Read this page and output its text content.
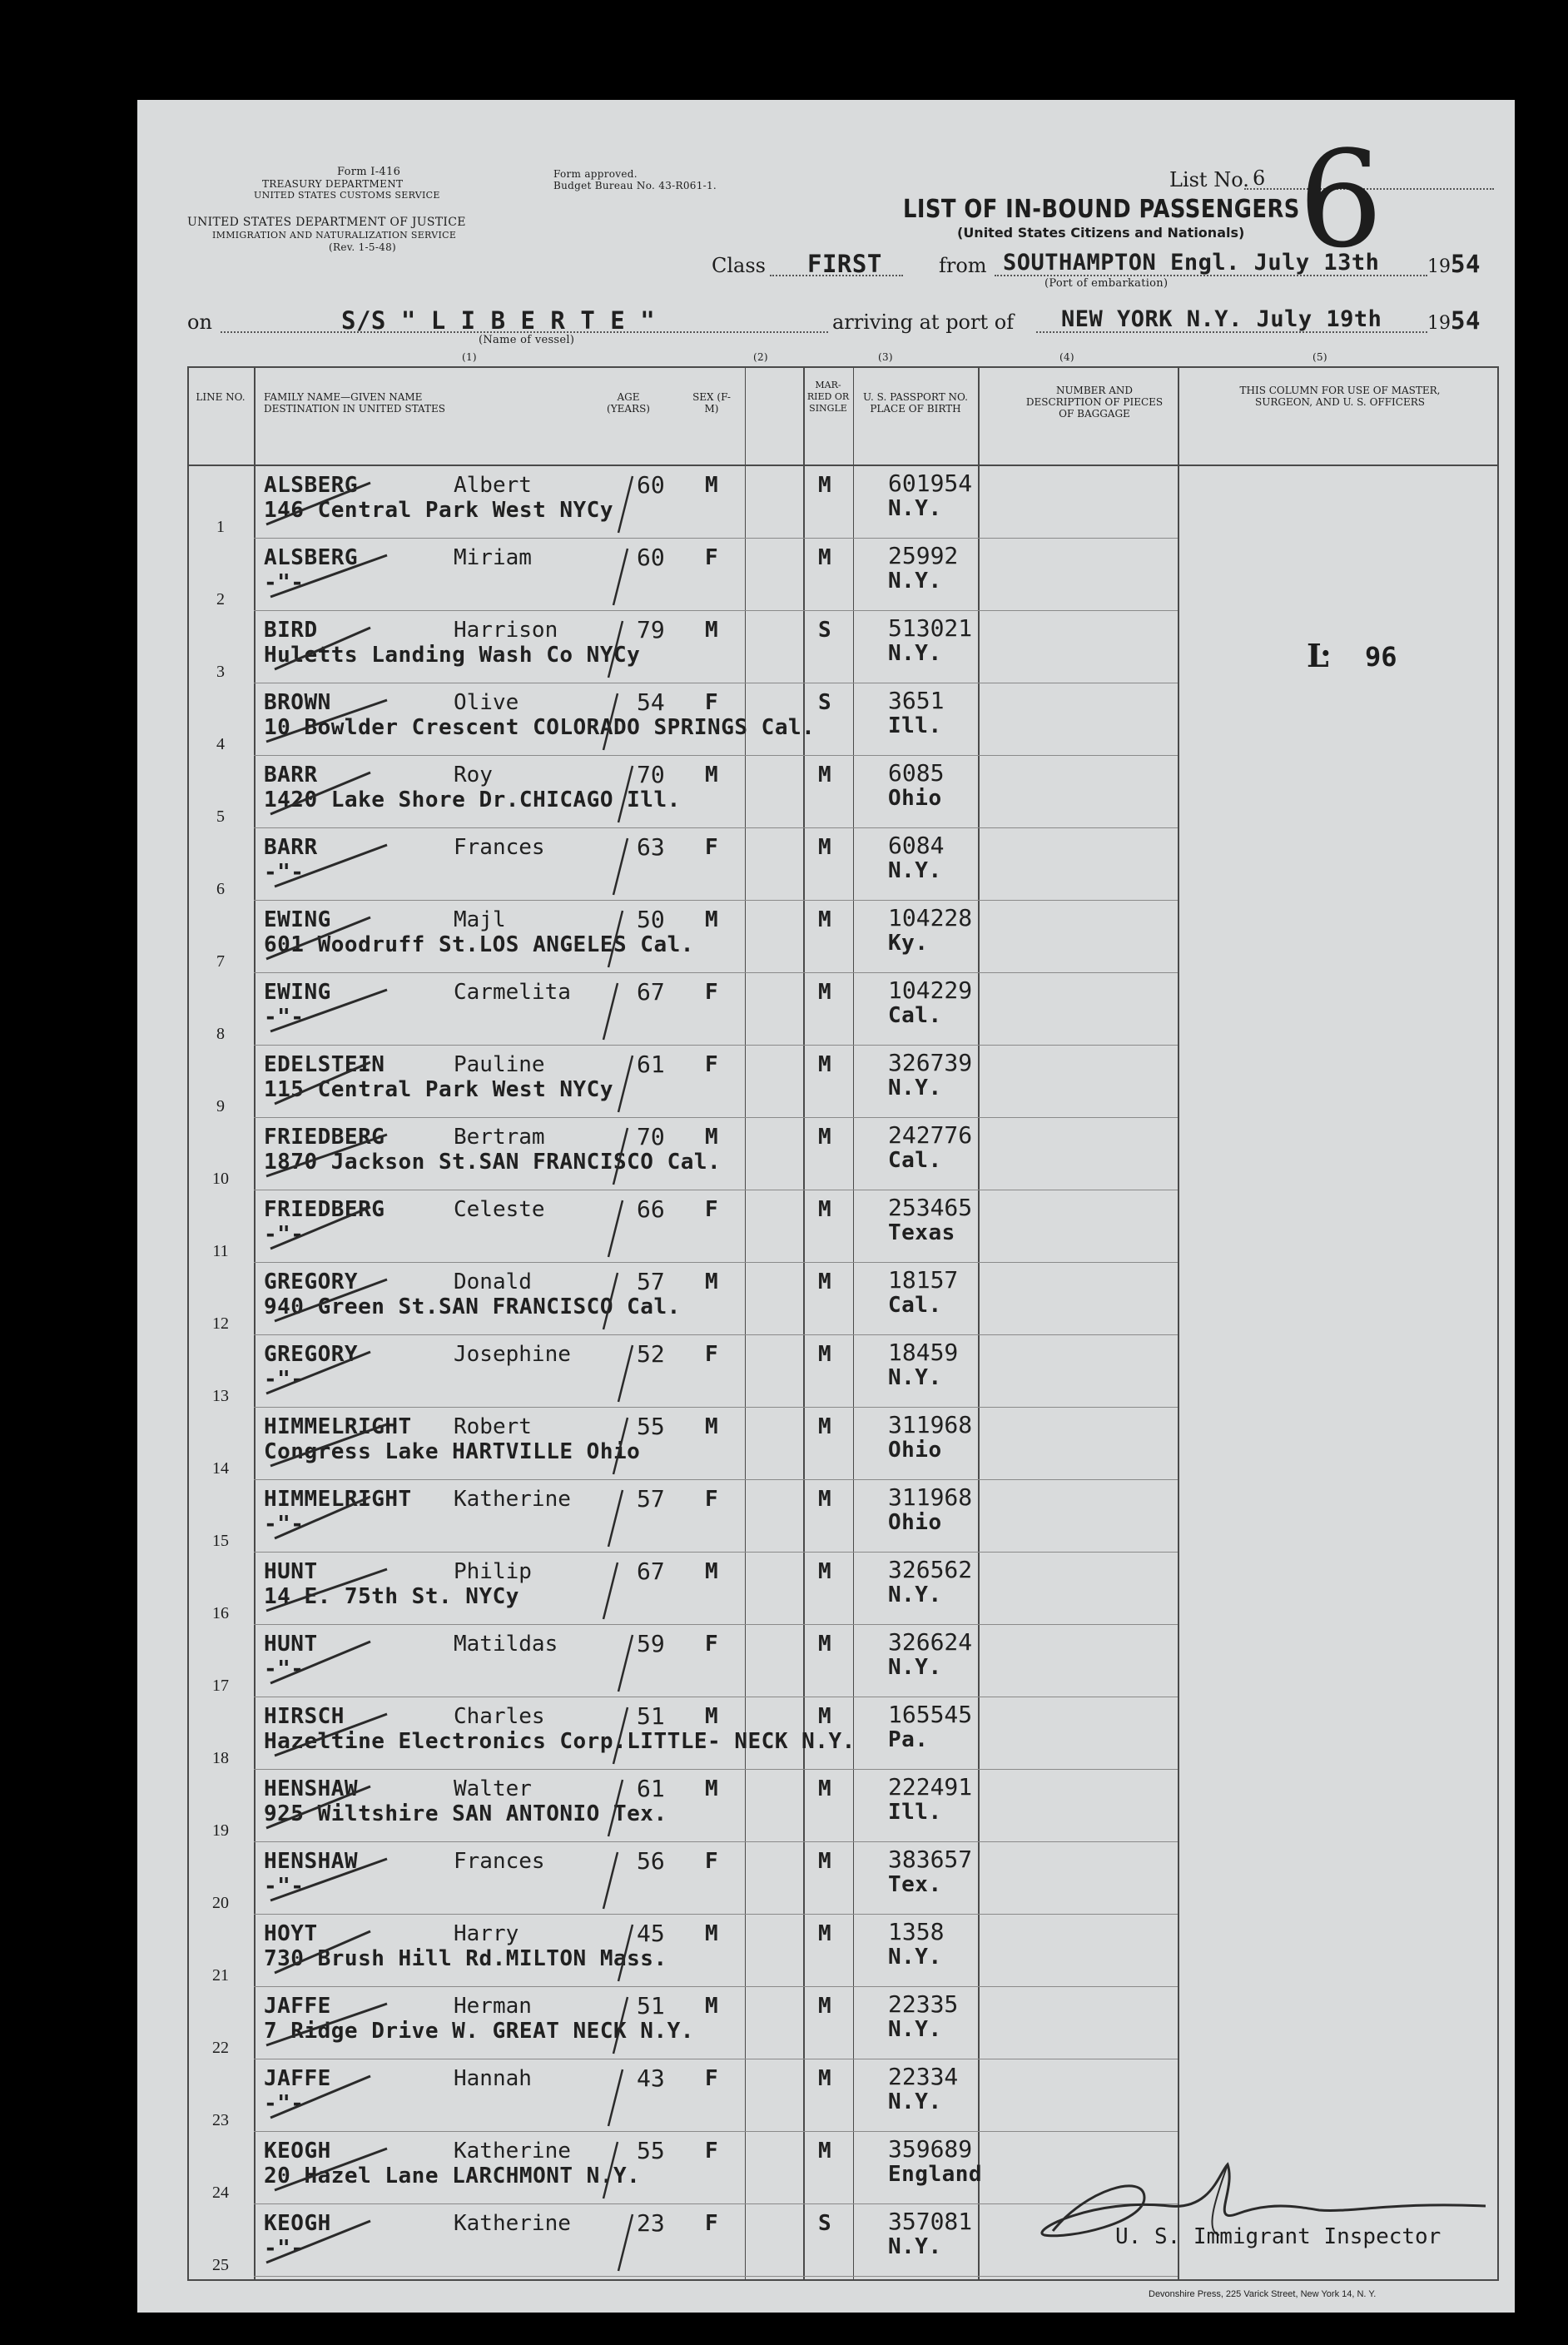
Form I-416
TREASURY DEPARTMENT
UNITED STATES CUSTOMS SERVICE
UNITED STATES DEPARTMENT OF JUSTICE
IMMIGRATION AND NATURALIZATION SERVICE
(Rev. 1-5-48)
Form approved.
Budget Bureau No. 43-R061-1.	List No. 6 6
LIST OF IN-BOUND PASSENGERS
(United States Citizens and Nationals)
Class FIRST	from SOUTHAMPTON Engl. July 13th	19 54
(Port of embarkation)
on	S/S " L I B E R T E "
(Name of vessel)
arriving at port of NEW YORK N.Y. July 19th 19 54
(1)	(2)	(3)	(4)	(5)
LINE NO. FAMILY NAME—GIVEN NAME
DESTINATION IN UNITED STATES
AGE (YEARS)
SEX (F-M)
MAR-RIED OR SINGLE
U. S. PASSPORT NO. PLACE OF BIRTH
NUMBER AND DESCRIPTION OF PIECES OF BAGGAGE
THIS COLUMN FOR USE OF MASTER, SURGEON, AND U. S. OFFICERS
1
ALSBERG	Albert	60 M	M 601954
N.Y.
146 Central Park West NYCy
2
ALSBERG	Miriam	60 F	M 25992
N.Y.
-"-
3
BIRD	Harrison	79 M	S 513021
N.Y.
Huletts Landing Wash Co NYCy
4
BROWN	Olive	54 F	S 3651
Ill.
10 Bowlder Crescent COLORADO SPRINGS Cal.
5
BARR	Roy	70 M	M 6085
Ohio
1420 Lake Shore Dr.CHICAGO Ill.
6
BARR	Frances	63 F	M 6084
N.Y.
-"-
7
EWING	Majl	50 M	M 104228
Ky.
601 Woodruff St.LOS ANGELES Cal.
8
EWING	Carmelita	67 F	M 104229
Cal.
-"-
9
EDELSTEIN	Pauline	61 F	M 326739
N.Y.
115 Central Park West NYCy
10
FRIEDBERG	Bertram	70 M	M 242776
Cal.
1870 Jackson St.SAN FRANCISCO Cal.
11
FRIEDBERG	Celeste	66 F	M 253465
Texas
-"-
12
GREGORY	Donald	57 M	M 18157
Cal.
940 Green St.SAN FRANCISCO Cal.
13
GREGORY	Josephine	52 F	M 18459
N.Y.
-"-
14
HIMMELRIGHT Robert	55 M	M 311968
Ohio
Congress Lake HARTVILLE Ohio
15
HIMMELRIGHT Katherine	57 F	M 311968
Ohio
-"-
16
HUNT	Philip	67 M	M 326562
N.Y.
14 E. 75th St. NYCy
17
HUNT	Matildas	59 F	M 326624
N.Y.
-"-
18
HIRSCH	Charles	51 M	M 165545
Pa.
Hazeltine Electronics Corp.LITTLE- NECK N.Y.
19
HENSHAW	Walter	61 M	M 222491
Ill.
925 Wiltshire SAN ANTONIO Tex.
20
HENSHAW	Frances	56 F	M 383657
Tex.
-"-
21
HOYT	Harry	45 M	M 1358
N.Y.
730 Brush Hill Rd.MILTON Mass.
22
JAFFE	Herman	51 M	M 22335
N.Y.
7 Ridge Drive W. GREAT NECK N.Y.
23
JAFFE	Hannah	43 F	M 22334
N.Y.
-"-
24
KEOGH	Katherine	55 F	M 359689
England
20 Hazel Lane LARCHMONT N.Y.
25
KEOGH	Katherine	23 F	S 357081
N.Y.
-"-
96
Ŀ
U. S. Immigrant Inspector
Devonshire Press, 225 Varick Street, New York 14, N. Y.
